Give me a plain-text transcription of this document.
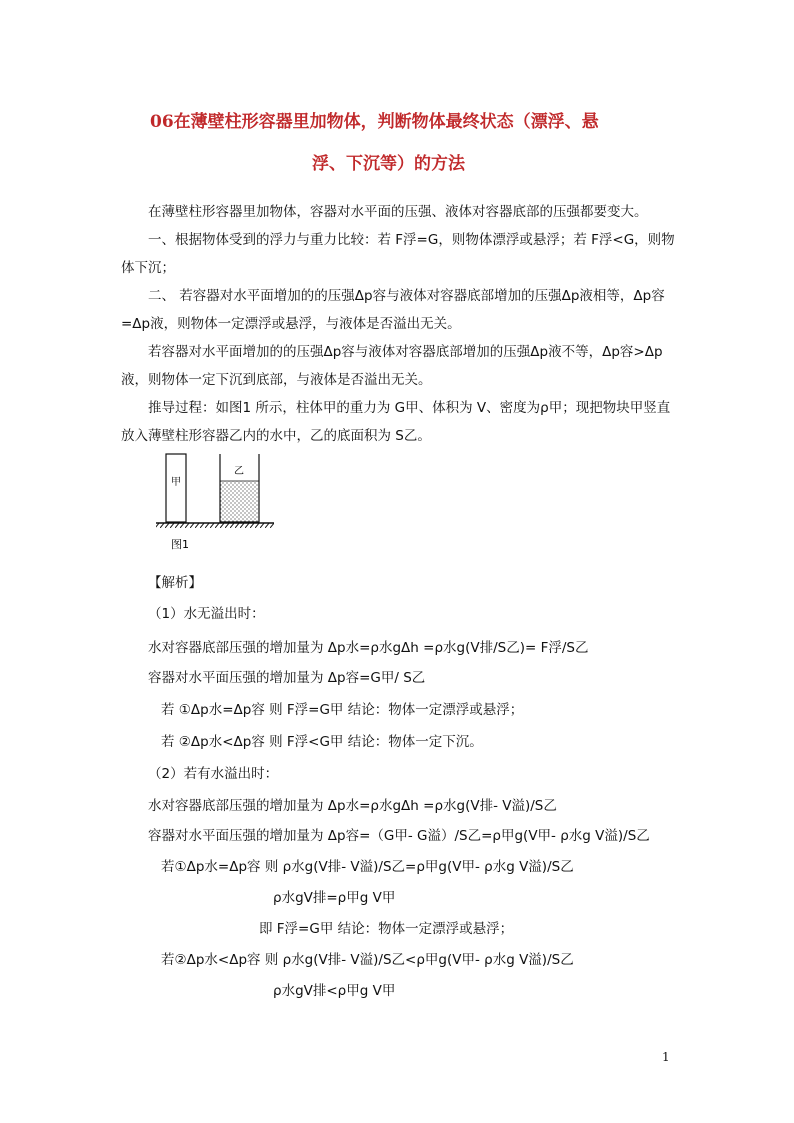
06在薄壁柱形容器里加物体，判断物体最终状态（漂浮、悬
浮、下沉等）的方法
在薄壁柱形容器里加物体，容器对水平面的压强、液体对容器底部的压强都要变大。
一、根据物体受到的浮力与重力比较：若 F浮=G，则物体漂浮或悬浮；若 F浮<G，则物
体下沉；
二、 若容器对水平面增加的的压强Δp容与液体对容器底部增加的压强Δp液相等，Δp容
=Δp液，则物体一定漂浮或悬浮，与液体是否溢出无关。
若容器对水平面增加的的压强Δp容与液体对容器底部增加的压强Δp液不等，Δp容>Δp
液，则物体一定下沉到底部，与液体是否溢出无关。
推导过程：如图1 所示，柱体甲的重力为 G甲、体积为 V、密度为ρ甲；现把物块甲竖直
放入薄壁柱形容器乙内的水中，乙的底面积为 S乙。
甲
乙
图1
【解析】
（1）水无溢出时：
水对容器底部压强的增加量为 Δp水=ρ水gΔh =ρ水g(V排/S乙)= F浮/S乙
容器对水平面压强的增加量为 Δp容=G甲/ S乙
若 ①Δp水=Δp容 则 F浮=G甲 结论：物体一定漂浮或悬浮；
若 ②Δp水<Δp容 则 F浮<G甲 结论：物体一定下沉。
（2）若有水溢出时：
水对容器底部压强的增加量为 Δp水=ρ水gΔh =ρ水g(V排- V溢)/S乙
容器对水平面压强的增加量为 Δp容=（G甲- G溢）/S乙=ρ甲g(V甲- ρ水g V溢)/S乙
若①Δp水=Δp容 则 ρ水g(V排- V溢)/S乙=ρ甲g(V甲- ρ水g V溢)/S乙
ρ水gV排=ρ甲g V甲
即 F浮=G甲 结论：物体一定漂浮或悬浮；
若②Δp水<Δp容 则 ρ水g(V排- V溢)/S乙<ρ甲g(V甲- ρ水g V溢)/S乙
ρ水gV排<ρ甲g V甲
1
